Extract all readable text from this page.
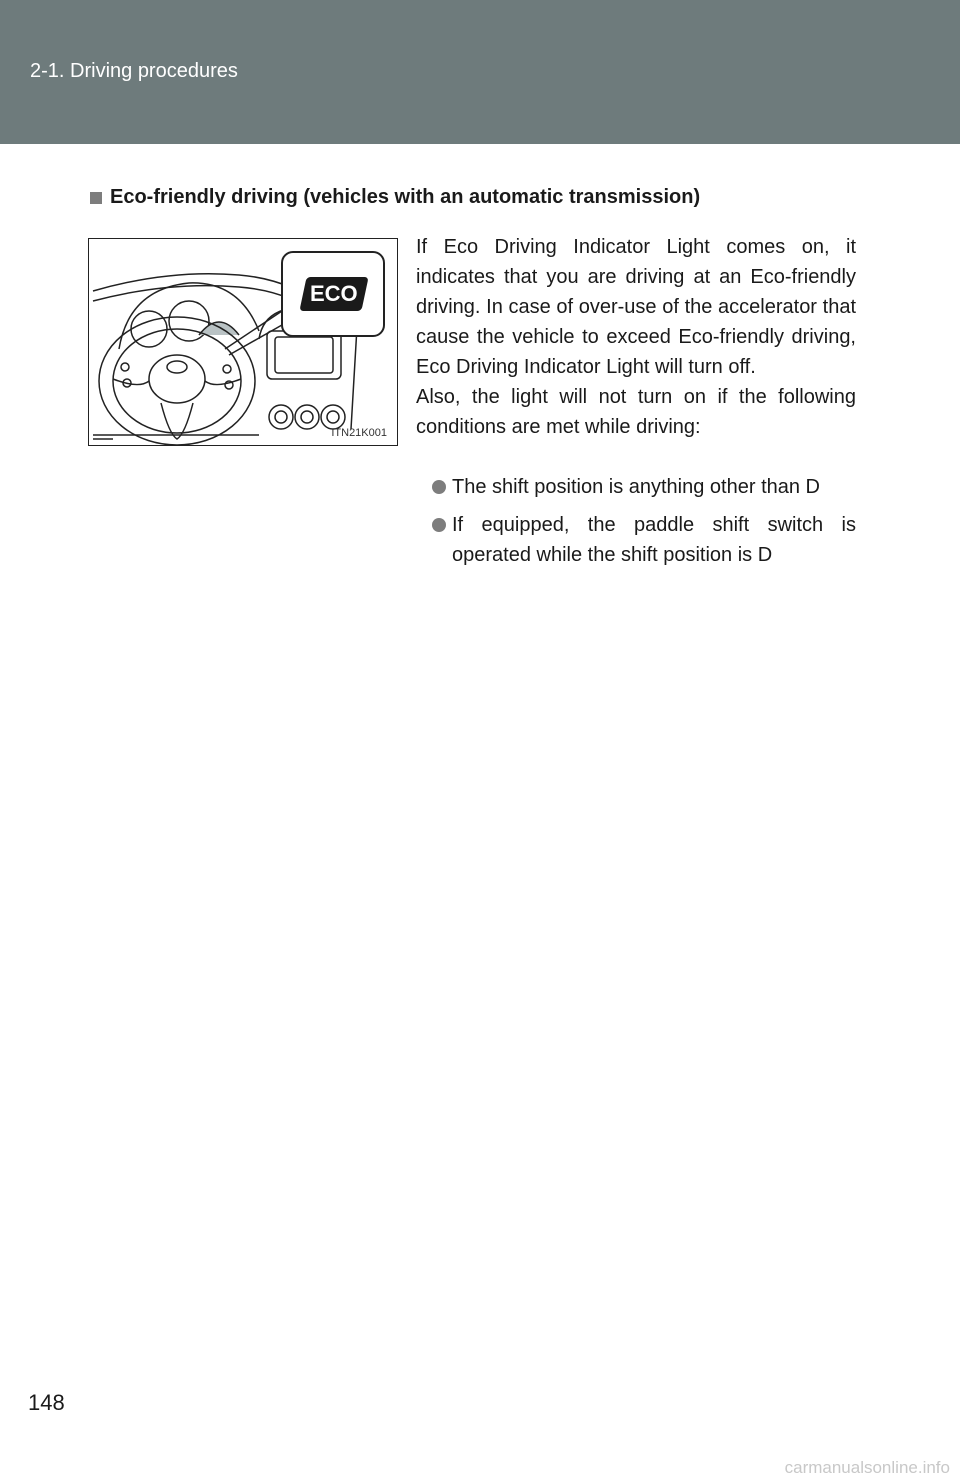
2-1. Driving procedures
Eco-friendly driving (vehicles with an automatic transmission)
ECO
ITN21K001

If Eco Driving Indicator Light comes on, it indicates that you are driving at an Eco-friendly driving. In case of over-use of the accelerator that cause the vehicle to exceed Eco-friendly driving, Eco Driving Indicator Light will turn off.

Also, the light will not turn on if the following conditions are met while driving:

The shift position is anything other than D
If equipped, the paddle shift switch is operated while the shift position is D
148
carmanualsonline.info
